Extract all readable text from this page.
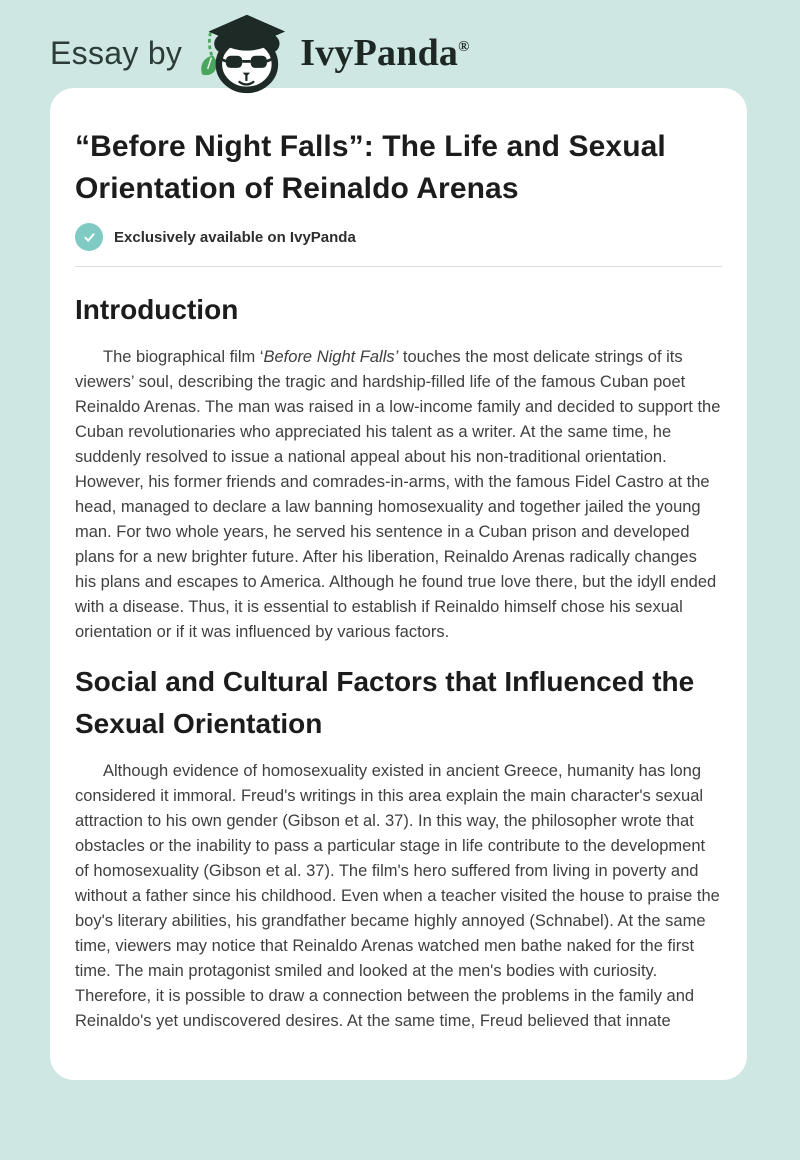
Essay by	IvyPanda®
“Before Night Falls”: The Life and Sexual Orientation of Reinaldo Arenas
Exclusively available on IvyPanda
Introduction

The biographical film ‘Before Night Falls’ touches the most delicate strings of its viewers’ soul, describing the tragic and hardship-filled life of the famous Cuban poet Reinaldo Arenas. The man was raised in a low-income family and decided to support the Cuban revolutionaries who appreciated his talent as a writer. At the same time, he suddenly resolved to issue a national appeal about his non-traditional orientation. However, his former friends and comrades-in-arms, with the famous Fidel Castro at the head, managed to declare a law banning homosexuality and together jailed the young man. For two whole years, he served his sentence in a Cuban prison and developed plans for a new brighter future. After his liberation, Reinaldo Arenas radically changes his plans and escapes to America. Although he found true love there, but the idyll ended with a disease. Thus, it is essential to establish if Reinaldo himself chose his sexual orientation or if it was influenced by various factors.

Social and Cultural Factors that Influenced the Sexual Orientation

Although evidence of homosexuality existed in ancient Greece, humanity has long considered it immoral. Freud's writings in this area explain the main character's sexual attraction to his own gender (Gibson et al. 37). In this way, the philosopher wrote that obstacles or the inability to pass a particular stage in life contribute to the development of homosexuality (Gibson et al. 37). The film's hero suffered from living in poverty and without a father since his childhood. Even when a teacher visited the house to praise the boy's literary abilities, his grandfather became highly annoyed (Schnabel). At the same time, viewers may notice that Reinaldo Arenas watched men bathe naked for the first time. The main protagonist smiled and looked at the men's bodies with curiosity. Therefore, it is possible to draw a connection between the problems in the family and Reinaldo's yet undiscovered desires. At the same time, Freud believed that innate
